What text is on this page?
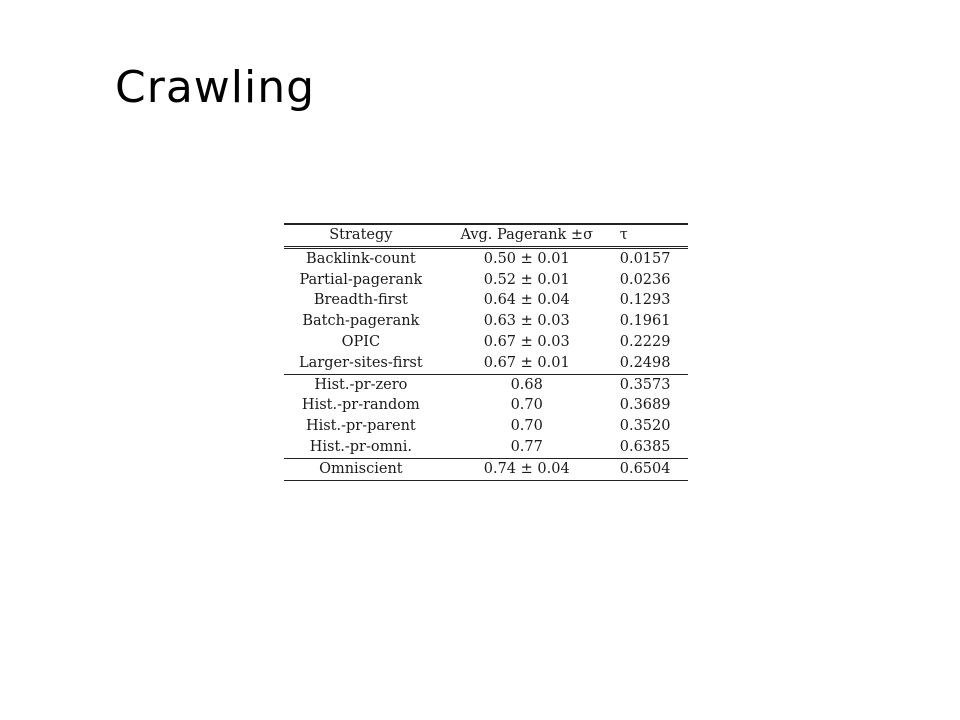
Crawling
Strategy	Avg. Pagerank ±σ	τ
Backlink-count	0.50 ± 0.01	0.0157
Partial-pagerank	0.52 ± 0.01	0.0236
Breadth-first	0.64 ± 0.04	0.1293
Batch-pagerank	0.63 ± 0.03	0.1961
OPIC	0.67 ± 0.03	0.2229
Larger-sites-first	0.67 ± 0.01	0.2498
Hist.-pr-zero	0.68	0.3573
Hist.-pr-random	0.70	0.3689
Hist.-pr-parent	0.70	0.3520
Hist.-pr-omni.	0.77	0.6385
Omniscient	0.74 ± 0.04	0.6504
